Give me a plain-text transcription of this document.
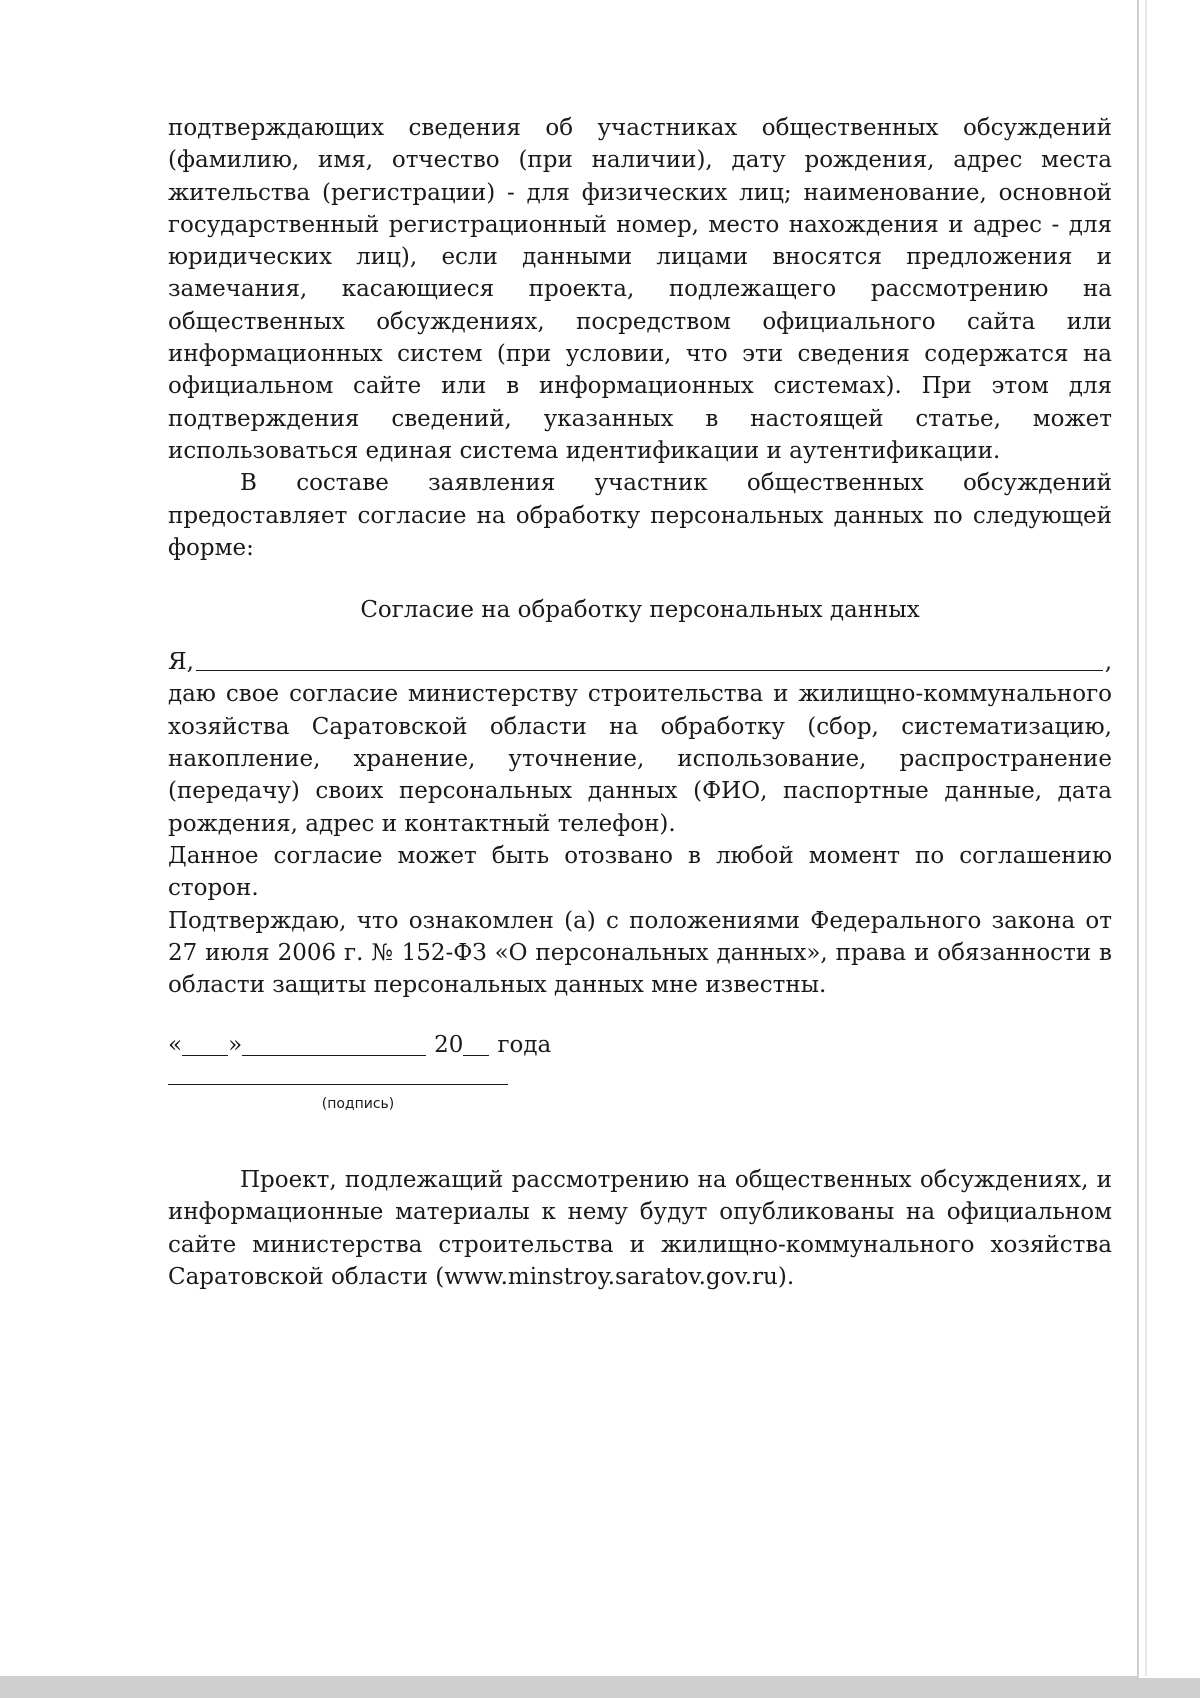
подтверждающих сведения об участниках общественных обсуждений (фамилию, имя, отчество (при наличии), дату рождения, адрес места жительства (регистрации) - для физических лиц; наименование, основной государственный регистрационный номер, место нахождения и адрес - для юридических лиц), если данными лицами вносятся предложения и замечания, касающиеся проекта, подлежащего рассмотрению на общественных обсуждениях, посредством официального сайта или информационных систем (при условии, что эти сведения содержатся на официальном сайте или в информационных системах). При этом для подтверждения сведений, указанных в настоящей статье, может использоваться единая система идентификации и аутентификации.

В составе заявления участник общественных обсуждений предоставляет согласие на обработку персональных данных по следующей форме:

Согласие на обработку персональных данных
Я,	,

даю свое согласие министерству строительства и жилищно-коммунального хозяйства Саратовской области на обработку (сбор, систематизацию, накопление, хранение, уточнение, использование, распространение (передачу) своих персональных данных (ФИО, паспортные данные, дата рождения, адрес и контактный телефон).

Данное согласие может быть отозвано в любой момент по соглашению сторон.

Подтверждаю, что ознакомлен (а) с положениями Федерального закона от 27 июля 2006 г. № 152-ФЗ «О персональных данных», права и обязанности в области защиты персональных данных мне известны.

« »	20 года
(подпись)

Проект, подлежащий рассмотрению на общественных обсуждениях, и информационные материалы к нему будут опубликованы на официальном сайте министерства строительства и жилищно-коммунального хозяйства Саратовской области (www.minstroy.saratov.gov.ru).
